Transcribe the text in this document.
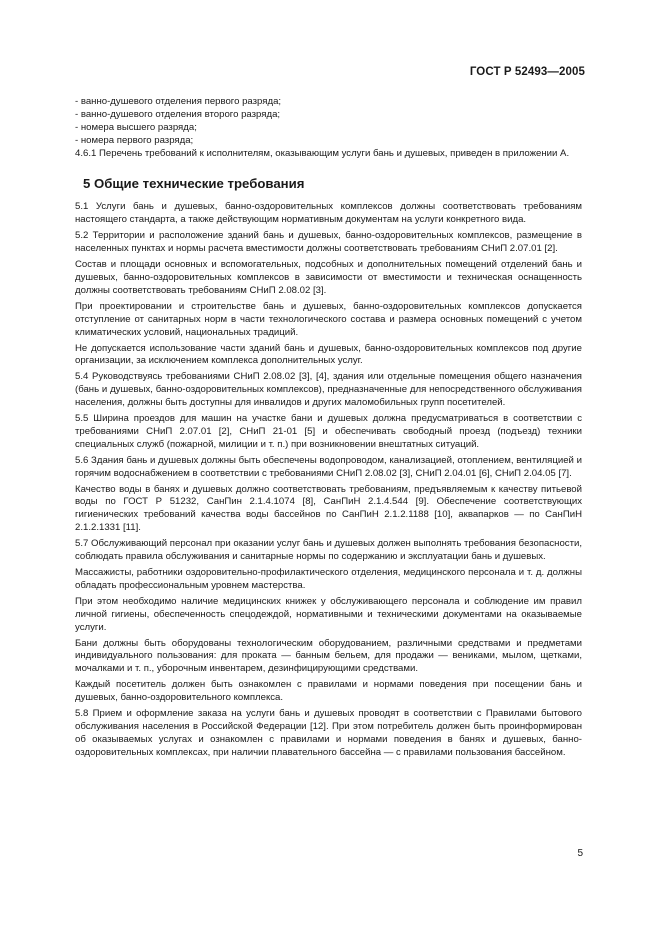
ГОСТ Р 52493—2005
- ванно-душевого отделения первого разряда;
- ванно-душевого отделения второго разряда;
- номера высшего разряда;
- номера первого разряда;

4.6.1 Перечень требований к исполнителям, оказывающим услуги бань и душевых, приведен в приложении А.

5 Общие технические требования

5.1 Услуги бань и душевых, банно-оздоровительных комплексов должны соответствовать требованиям настоящего стандарта, а также действующим нормативным документам на услуги конкретного вида.

5.2 Территории и расположение зданий бань и душевых, банно-оздоровительных комплексов, размещение в населенных пунктах и нормы расчета вместимости должны соответствовать требованиям СНиП 2.07.01 [2].

Состав и площади основных и вспомогательных, подсобных и дополнительных помещений отделений бань и душевых, банно-оздоровительных комплексов в зависимости от вместимости и техническая оснащенность должны соответствовать требованиям СНиП 2.08.02 [3].

При проектировании и строительстве бань и душевых, банно-оздоровительных комплексов допускается отступление от санитарных норм в части технологического состава и размера основных помещений с учетом климатических условий, национальных традиций.

Не допускается использование части зданий бань и душевых, банно-оздоровительных комплексов под другие организации, за исключением комплекса дополнительных услуг.

5.4 Руководствуясь требованиями СНиП 2.08.02 [3], [4], здания или отдельные помещения общего назначения (бань и душевых, банно-оздоровительных комплексов), предназначенные для непосредственного обслуживания населения, должны быть доступны для инвалидов и других маломобильных групп посетителей.

5.5 Ширина проездов для машин на участке бани и душевых должна предусматриваться в соответствии с требованиями СНиП 2.07.01 [2], СНиП 21-01 [5] и обеспечивать свободный проезд (подъезд) техники специальных служб (пожарной, милиции и т. п.) при возникновении внештатных ситуаций.

5.6 Здания бань и душевых должны быть обеспечены водопроводом, канализацией, отоплением, вентиляцией и горячим водоснабжением в соответствии с требованиями СНиП 2.08.02 [3], СНиП 2.04.01 [6], СНиП 2.04.05 [7].

Качество воды в банях и душевых должно соответствовать требованиям, предъявляемым к качеству питьевой воды по ГОСТ Р 51232, СанПин 2.1.4.1074 [8], СанПиН 2.1.4.544 [9]. Обеспечение соответствующих гигиенических требований качества воды бассейнов по СанПиН 2.1.2.1188 [10], аквапарков — по СанПиН 2.1.2.1331 [11].

5.7 Обслуживающий персонал при оказании услуг бань и душевых должен выполнять требования безопасности, соблюдать правила обслуживания и санитарные нормы по содержанию и эксплуатации бань и душевых.

Массажисты, работники оздоровительно-профилактического отделения, медицинского персонала и т. д. должны обладать профессиональным уровнем мастерства.

При этом необходимо наличие медицинских книжек у обслуживающего персонала и соблюдение им правил личной гигиены, обеспеченность спецодеждой, нормативными и техническими документами на оказываемые услуги.

Бани должны быть оборудованы технологическим оборудованием, различными средствами и предметами индивидуального пользования: для проката — банным бельем, для продажи — вениками, мылом, щетками, мочалками и т. п., уборочным инвентарем, дезинфицирующими средствами.

Каждый посетитель должен быть ознакомлен с правилами и нормами поведения при посещении бань и душевых, банно-оздоровительного комплекса.

5.8 Прием и оформление заказа на услуги бань и душевых проводят в соответствии с Правилами бытового обслуживания населения в Российской Федерации [12]. При этом потребитель должен быть проинформирован об оказываемых услугах и ознакомлен с правилами и нормами поведения в банях и душевых, банно-оздоровительных комплексах, при наличии плавательного бассейна — с правилами пользования бассейном.

5
